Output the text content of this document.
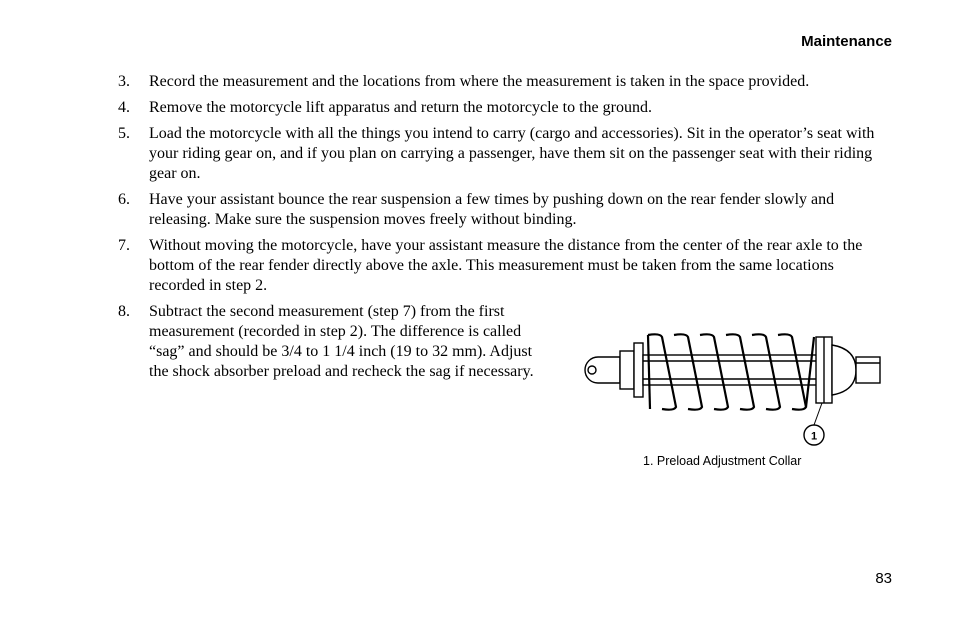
Maintenance
3.	Record the measurement and the locations from where the measurement is taken in the space provided.
4.	Remove the motorcycle lift apparatus and return the motorcycle to the ground.
5.	Load the motorcycle with all the things you intend to carry (cargo and accessories). Sit in the operator’s seat with your riding gear on, and if you plan on carrying a passenger, have them sit on the passenger seat with their riding gear on.
6.	Have your assistant bounce the rear suspension a few times by pushing down on the rear fender slowly and releasing. Make sure the suspension moves freely without binding.
7.	Without moving the motorcycle, have your assistant measure the distance from the center of the rear axle to the bottom of the rear fender directly above the axle. This measurement must be taken from the same locations recorded in step 2.
8.	Subtract the second measurement (step 7) from the first measurement (recorded in step 2). The difference is called “sag” and should be 3/4 to 1 1/4 inch (19 to 32 mm). Adjust the shock absorber preload and recheck the sag if necessary.
1
1. Preload Adjustment Collar
83
